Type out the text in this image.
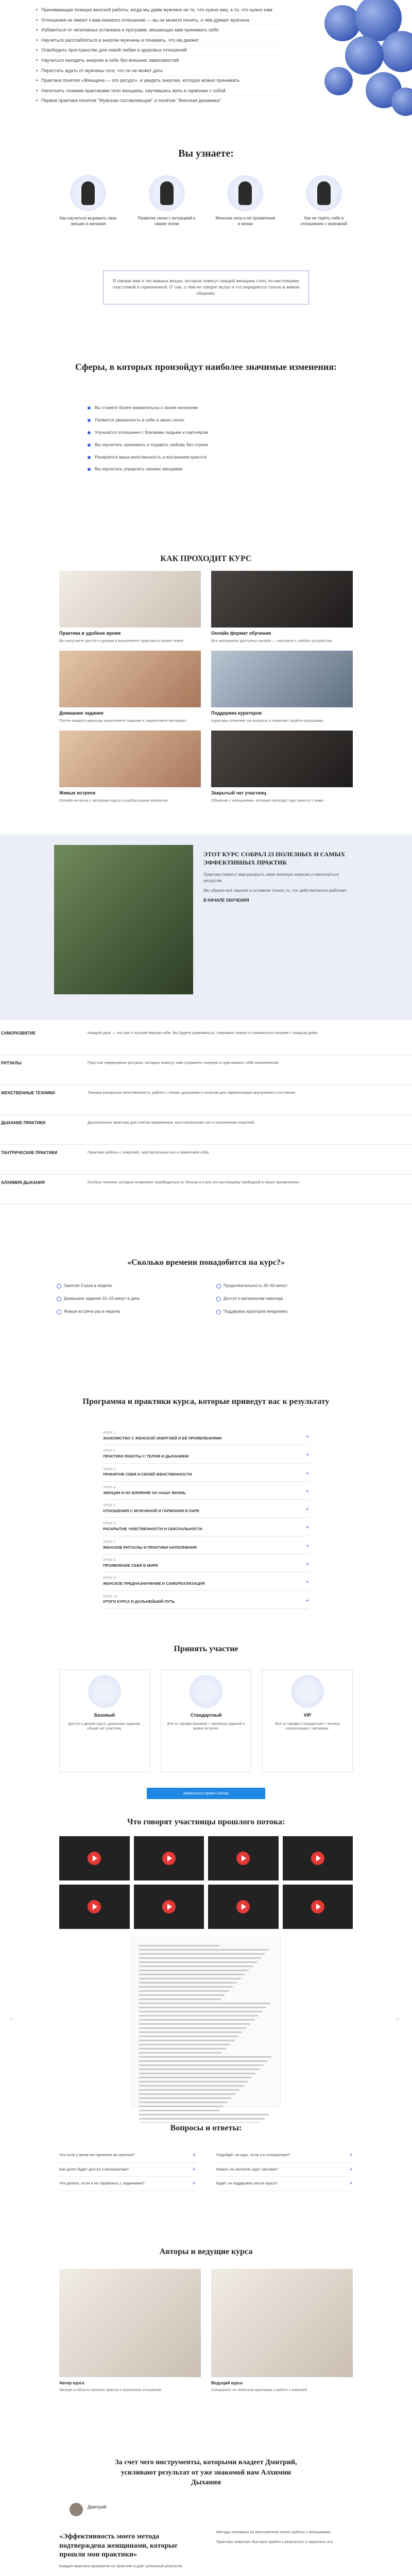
• Принимающая позиция женской работы, когда мы даём мужчине не то, что нужно ему, а то, что нужно нам
• Отношения не имеют к вам никакого отношения — вы не можете понять, о чём думает мужчина
• Избавиться от негативных установок и программ, мешающих вам принимать себя
• Научиться расслабляться в энергии мужчины и понимать, что им движет
• Освободить пространство для новой любви и здоровых отношений
• Научиться находить энергию в себе без внешних зависимостей
• Перестать ждать от мужчины того, что он не может дать
• Практика понятия «Женщина — это ресурс», и увидеть энергию, которую можно принимать
• Наполнить тонкими практиками тело женщины, научившись жить в гармонии с собой
• Первая практика понятия "Мужская составляющая" и понятие "Женская динамика"
Вы узнаете:

Как научиться выражать свои эмоции и желания

Развитие связи с интуицией и своим телом

Женская сила и её проявления в жизни

Как не терять себя в отношениях с мужчиной

Я говорю вам о тех важных вещах, которые помогут каждой женщине стать по-настоящему счастливой и гармоничной. О том, о чём не говорят вслух и что передаётся только в живом общении.
Сферы, в которых произойдут наиболее значимые изменения:
Вы станете более внимательны к своим желаниям
Появится уверенность в себе и своих силах
Улучшатся отношения с близкими людьми и партнёром
Вы научитесь принимать и отдавать любовь без страха
Раскроется ваша женственность и внутренняя красота
Вы научитесь управлять своими эмоциями
КАК ПРОХОДИТ КУРС
Практика в удобное время

Вы получаете доступ к урокам и выполняете практики в своём темпе.

Онлайн формат обучения

Все материалы доступны онлайн — смотрите с любого устройства.

Домашние задания

После каждого урока вы выполняете задания и закрепляете материал.

Поддержка кураторов

Кураторы отвечают на вопросы и помогают пройти программу.

Живые встречи

Онлайн-встречи с авторами курса и разбор ваших вопросов.

Закрытый чат участниц

Общение с женщинами, которые проходят курс вместе с вами.

ЭТОТ КУРС СОБРАЛ 23 ПОЛЕЗНЫХ И САМЫХ ЭФФЕКТИВНЫХ ПРАКТИК

Практики помогут вам раскрыть свою женскую энергию и наполниться ресурсом.

Мы убрали всё лишнее и оставили только то, что действительно работает.

В НАЧАЛЕ ОБУЧЕНИЯ
САМОРАЗВИТИЕ	Каждый урок — это шаг к лучшей версии себя. Вы будете развиваться, открывать новое и становиться сильнее с каждым днём.
РИТУАЛЫ	Простые ежедневные ритуалы, которые помогут вам сохранять энергию и чувствовать себя наполненной.
ЖЕНСТВЕННЫЕ ТЕХНИКИ	Техники раскрытия женственности, работа с телом, дыханием и голосом для гармонизации внутреннего состояния.
ДЫХАНИЕ ПРАКТИКИ	Дыхательные практики для снятия напряжения, восстановления сил и наполнения энергией.
ТАНТРИЧЕСКИЕ ПРАКТИКИ	Практики работы с энергией, чувствительностью и принятием себя.
АЛХИМИЯ ДЫХАНИЯ	Особые техники, которые позволяют освободиться от блоков и стать по-настоящему свободной в своих проявлениях.
«Сколько времени понадобится на курс?»
Занятия 3 раза в неделю	Продолжительность 30–60 минут
Домашние задания 15–20 минут в день	Доступ к материалам навсегда
Живые встречи раз в неделю	Поддержка кураторов ежедневно
Программа и практики курса, которые приведут вас к результату
УРОК 1
ЗНАКОМСТВО С ЖЕНСКОЙ ЭНЕРГИЕЙ И ЕЁ ПРОЯВЛЕНИЯМИ	+
УРОК 2
ПРАКТИКИ РАБОТЫ С ТЕЛОМ И ДЫХАНИЕМ	+
УРОК 3
ПРИНЯТИЕ СЕБЯ И СВОЕЙ ЖЕНСТВЕННОСТИ	+
УРОК 4
ЭМОЦИИ И ИХ ВЛИЯНИЕ НА НАШУ ЖИЗНЬ	+
УРОК 5
ОТНОШЕНИЯ С МУЖЧИНОЙ И ГАРМОНИЯ В ПАРЕ	+
УРОК 6
РАСКРЫТИЕ ЧУВСТВЕННОСТИ И СЕКСУАЛЬНОСТИ	+
УРОК 7
ЖЕНСКИЕ РИТУАЛЫ И ПРАКТИКИ НАПОЛНЕНИЯ	+
УРОК 8
ПРОЯВЛЕНИЕ СЕБЯ В МИРЕ	+
УРОК 9
ЖЕНСКОЕ ПРЕДНАЗНАЧЕНИЕ И САМОРЕАЛИЗАЦИЯ	+
УРОК 10
ИТОГИ КУРСА И ДАЛЬНЕЙШИЙ ПУТЬ	+
Принять участие
Базовый

Доступ к урокам курса, домашние задания, общий чат участниц.

Стандартный

Всё из тарифа Базовый + проверка заданий и живые встречи.

VIP

Всё из тарифа Стандартный + личные консультации с авторами.

Записаться прямо сейчас
Что говорят участницы прошлого потока:
‹	›
Вопросы и ответы:
Что если у меня нет времени на занятия? +	Подойдёт ли курс, если я в отношениях? +
Как долго будет доступ к материалам? +	Можно ли оплатить курс частями? +
Что делать, если я не справлюсь с заданиями? +	Будет ли поддержка после курса? +
Авторы и ведущие курса
Автор курса

Эксперт в области женских практик и психологии отношений.

Ведущий курса

Специалист по телесным практикам и работе с энергией.

За счет чего инструменты, которыми владеет Дмитрий, усиливают результат от уже знакомой вам Алхимии Дыхания
Дмитрий
«Эффективность моего метода подтверждена женщинами, которые прошли мои практики»

Каждая практика проверена на практике и даёт реальный результат.

Методы основаны на многолетнем опыте работы с женщинами.

Практики помогают быстрее прийти к результату и закрепить его.
